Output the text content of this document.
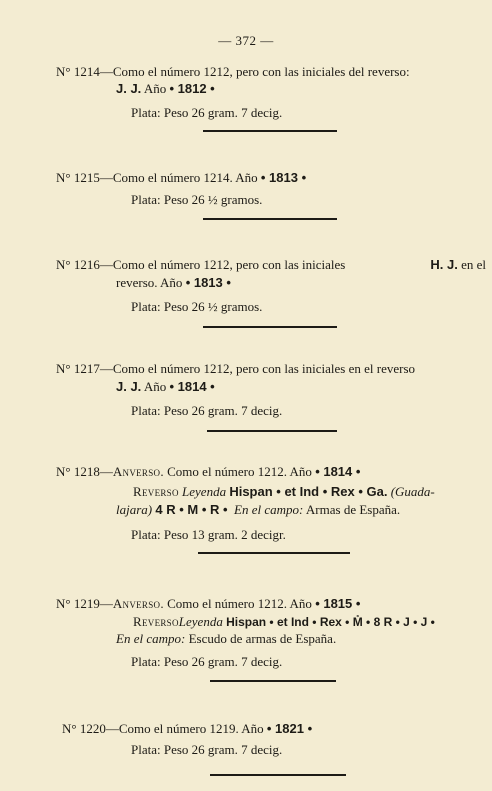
— 372 —
N° 1214—Como el número 1212, pero con las iniciales del reverso:
J. J. Año • 1812 •
Plata: Peso 26 gram. 7 decig.
N° 1215—Como el número 1214. Año • 1813 •
Plata: Peso 26 ½ gramos.
N° 1216—Como el número 1212, pero con las iniciales	H. J. en el
reverso. Año • 1813 •
Plata: Peso 26 ½ gramos.
N° 1217—Como el número 1212, pero con las iniciales en el reverso
J. J. Año • 1814 •
Plata: Peso 26 gram. 7 decig.
N° 1218—Anverso. Como el número 1212. Año • 1814 •
Reverso Leyenda Hispan • et Ind • Rex • Ga. (Guada-
lajara) 4 R • M • R • En el campo: Armas de España.
Plata: Peso 13 gram. 2 decigr.
N° 1219—Anverso. Como el número 1212. Año • 1815 •
ReversoLeyenda Hispan • et Ind • Rex • M̊ • 8 R • J • J •
En el campo: Escudo de armas de España.
Plata: Peso 26 gram. 7 decig.
N° 1220—Como el número 1219. Año • 1821 •
Plata: Peso 26 gram. 7 decig.
